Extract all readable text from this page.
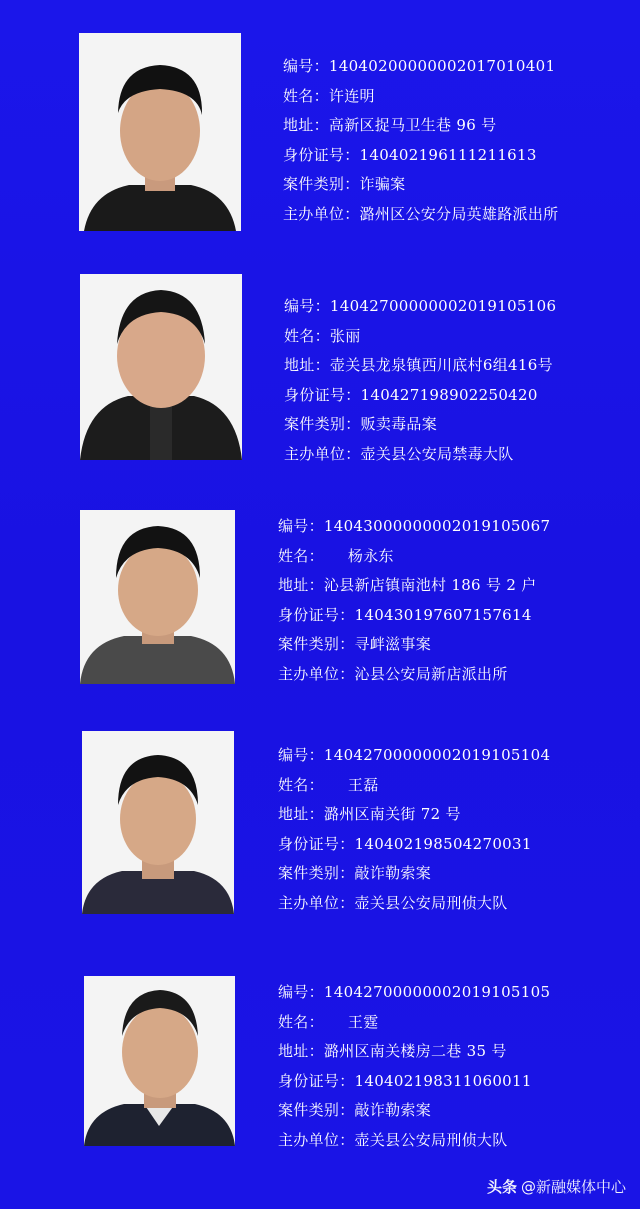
编号：14040200000002017010401
姓名：许连明
地址：高新区捉马卫生巷 96 号
身份证号：140402196111211613
案件类别：诈骗案
主办单位：潞州区公安分局英雄路派出所
编号：14042700000002019105106
姓名：张丽
地址：壶关县龙泉镇西川底村6组416号
身份证号：140427198902250420
案件类别：贩卖毒品案
主办单位：壶关县公安局禁毒大队
编号：14043000000002019105067
姓名： 杨永东
地址：沁县新店镇南池村 186 号 2 户
身份证号：140430197607157614
案件类别：寻衅滋事案
主办单位：沁县公安局新店派出所
编号：14042700000002019105104
姓名： 王磊
地址：潞州区南关街 72 号
身份证号：140402198504270031
案件类别：敲诈勒索案
主办单位：壶关县公安局刑侦大队
编号：14042700000002019105105
姓名： 王霆
地址：潞州区南关楼房二巷 35 号
身份证号：140402198311060011
案件类别：敲诈勒索案
主办单位：壶关县公安局刑侦大队
头条 @新融媒体中心
